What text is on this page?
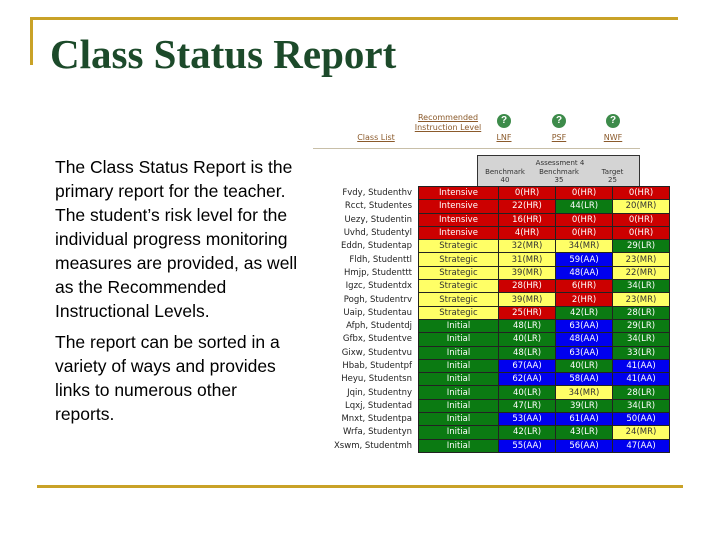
Class Status Report

The Class Status Report is the primary report for the teacher. The student’s risk level for the individual progress monitoring measures are provided, as well as the Recommended Instructional Levels.

The report can be sorted in a variety of ways and provides links to numerous other reports.

Class List
Recommended Instruction Level
?	?	?
LNF	PSF	NWF
Assessment 4
Benchmark
40
Benchmark
35
Target
25
Fvdy, Studenthv	Intensive	0(HR)	0(HR)	0(HR)
Rcct, Studentes	Intensive	22(HR)	44(LR)	20(MR)
Uezy, Studentin	Intensive	16(HR)	0(HR)	0(HR)
Uvhd, Studentyl	Intensive	4(HR)	0(HR)	0(HR)
Eddn, Studentap	Strategic	32(MR)	34(MR)	29(LR)
Fldh, Studenttl	Strategic	31(MR)	59(AA)	23(MR)
Hmjp, Studenttt	Strategic	39(MR)	48(AA)	22(MR)
Igzc, Studentdx	Strategic	28(HR)	6(HR)	34(LR)
Pogh, Studentrv	Strategic	39(MR)	2(HR)	23(MR)
Uaip, Studentau	Strategic	25(HR)	42(LR)	28(LR)
Afph, Studentdj	Initial	48(LR)	63(AA)	29(LR)
Gfbx, Studentve	Initial	40(LR)	48(AA)	34(LR)
Gixw, Studentvu	Initial	48(LR)	63(AA)	33(LR)
Hbab, Studentpf	Initial	67(AA)	40(LR)	41(AA)
Heyu, Studentsn	Initial	62(AA)	58(AA)	41(AA)
Jqin, Studentny	Initial	40(LR)	34(MR)	28(LR)
Lqxj, Studentad	Initial	47(LR)	39(LR)	34(LR)
Mnxt, Studentpa	Initial	53(AA)	61(AA)	50(AA)
Wrfa, Studentyn	Initial	42(LR)	43(LR)	24(MR)
Xswm, Studentmh	Initial	55(AA)	56(AA)	47(AA)
